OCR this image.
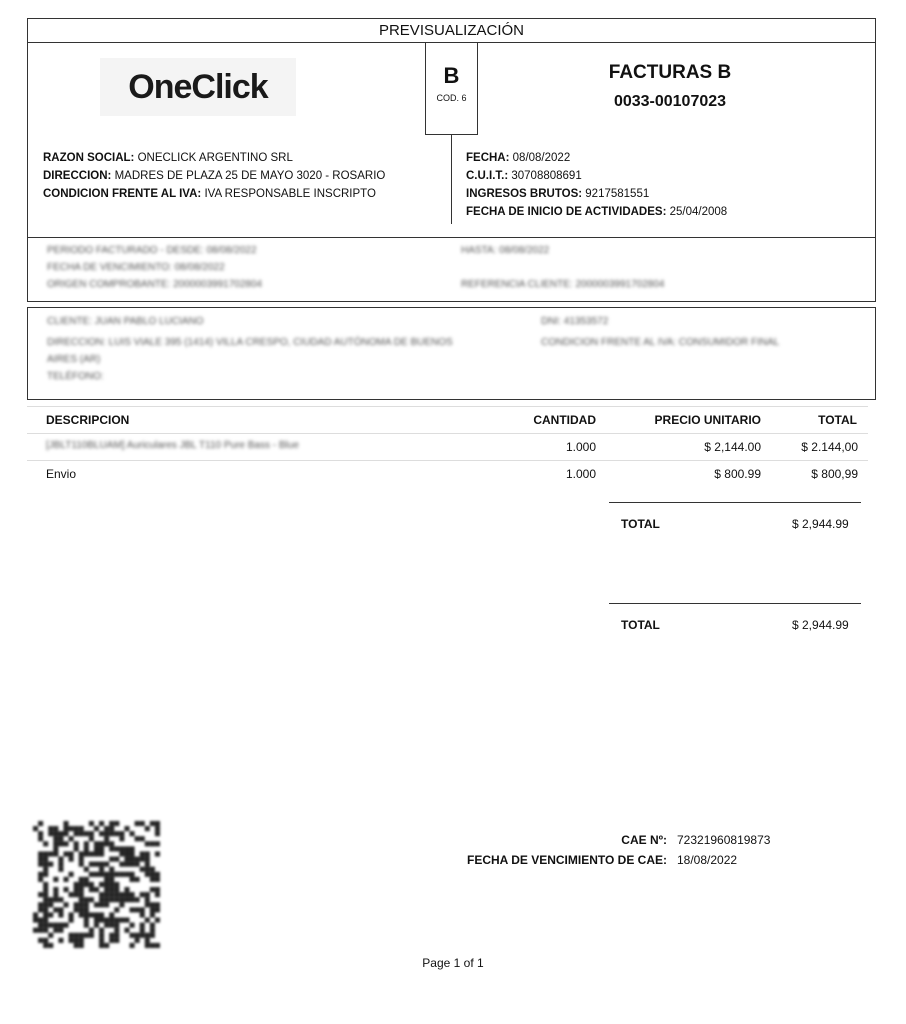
PREVISUALIZACIÓN
OneClick	B
COD. 6
FACTURAS B
0033-00107023
RAZON SOCIAL: ONECLICK ARGENTINO SRL
DIRECCION: MADRES DE PLAZA 25 DE MAYO 3020 - ROSARIO
CONDICION FRENTE AL IVA: IVA RESPONSABLE INSCRIPTO
FECHA: 08/08/2022
C.U.I.T.: 30708808691
INGRESOS BRUTOS: 9217581551
FECHA DE INICIO DE ACTIVIDADES: 25/04/2008
PERIODO FACTURADO - DESDE: 08/08/2022
FECHA DE VENCIMIENTO: 08/08/2022
ORIGEN COMPROBANTE: 2000003991702804
HASTA: 08/08/2022

REFERENCIA CLIENTE: 2000003991702804
CLIENTE: JUAN PABLO LUCIANO
DIRECCION: LUIS VIALE 395 (1414) VILLA CRESPO, CIUDAD AUTÓNOMA DE BUENOS
AIRES (AR)
TELÉFONO:
DNI: 41353572
CONDICION FRENTE AL IVA: CONSUMIDOR FINAL
DESCRIPCION	CANTIDAD	PRECIO UNITARIO	TOTAL
[JBLT110BLUAM] Auriculares JBL T110 Pure Bass - Blue	1.000	$ 2,144.00	$ 2.144,00
Envio	1.000	$ 800.99	$ 800,99
TOTAL	$ 2,944.99
TOTAL	$ 2,944.99
CAE Nº: 72321960819873
FECHA DE VENCIMIENTO DE CAE: 18/08/2022
Page 1 of 1
